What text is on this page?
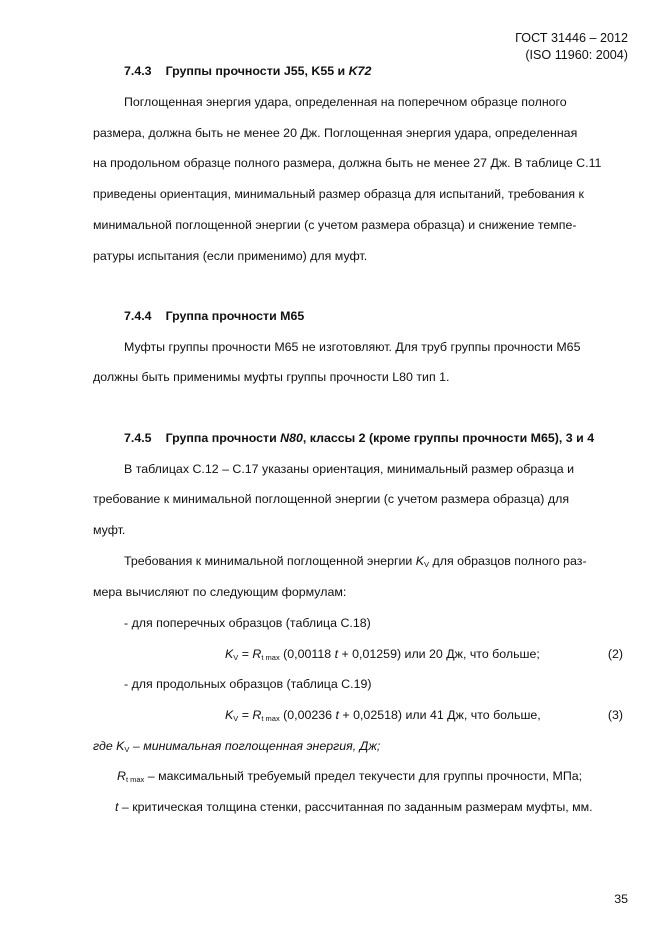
ГОСТ 31446 – 2012
(ISO 11960: 2004)
7.4.3 Группы прочности J55, K55 и K72
Поглощенная энергия удара, определенная на поперечном образце полного
размера, должна быть не менее 20 Дж. Поглощенная энергия удара, определенная
на продольном образце полного размера, должна быть не менее 27 Дж. В таблице С.11
приведены ориентация, минимальный размер образца для испытаний, требования к
минимальной поглощенной энергии (с учетом размера образца) и снижение темпе-
ратуры испытания (если применимо) для муфт.
7.4.4 Группа прочности M65
Муфты группы прочности M65 не изготовляют. Для труб группы прочности M65
должны быть применимы муфты группы прочности L80 тип 1.
7.4.5 Группа прочности N80, классы 2 (кроме группы прочности M65), 3 и 4
В таблицах С.12 – С.17 указаны ориентация, минимальный размер образца и
требование к минимальной поглощенной энергии (с учетом размера образца) для
муфт.
Требования к минимальной поглощенной энергии KV для образцов полного раз-
мера вычисляют по следующим формулам:
- для поперечных образцов (таблица С.18)
KV = Rt max (0,00118 t + 0,01259) или 20 Дж, что больше;	(2)
- для продольных образцов (таблица С.19)
KV = Rt max (0,00236 t + 0,02518) или 41 Дж, что больше,	(3)
где KV – минимальная поглощенная энергия, Дж;
Rt max – максимальный требуемый предел текучести для группы прочности, МПа;
t – критическая толщина стенки, рассчитанная по заданным размерам муфты, мм.
35
